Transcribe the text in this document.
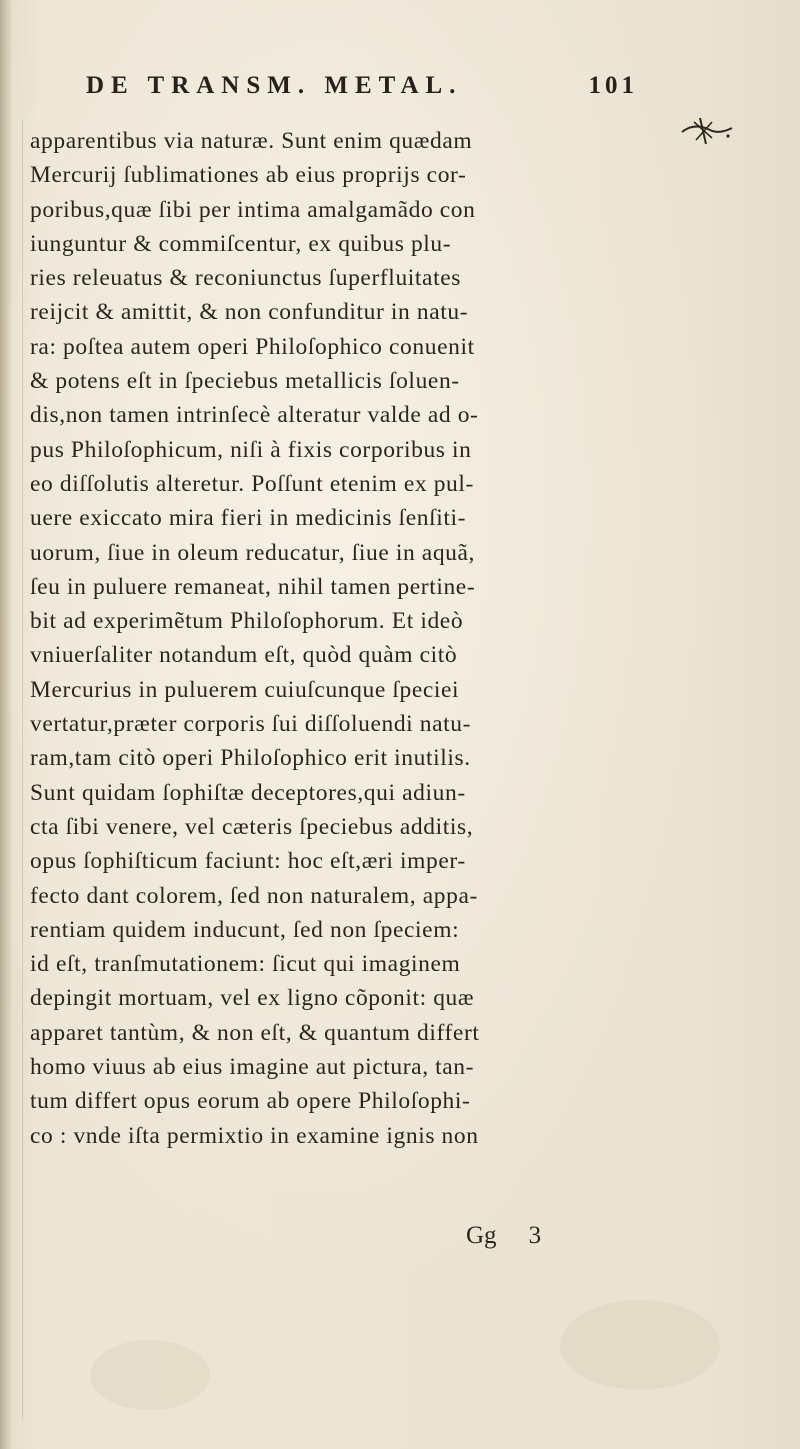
DE TRANSM. METAL.	101
apparentibus via naturæ. Sunt enim quædam
Mercurij ſublimationes ab eius proprijs cor-
poribus,quæ ſibi per intima amalgamãdo con
iunguntur & commiſcentur, ex quibus plu-
ries releuatus & reconiunctus ſuperfluitates
reijcit & amittit, & non confunditur in natu-
ra: poſtea autem operi Philoſophico conuenit
& potens eſt in ſpeciebus metallicis ſoluen-
dis,non tamen intrinſecè alteratur valde ad o-
pus Philoſophicum, niſi à fixis corporibus in
eo diſſolutis alteretur. Poſſunt etenim ex pul-
uere exiccato mira fieri in medicinis ſenſiti-
uorum, ſiue in oleum reducatur, ſiue in aquã,
ſeu in puluere remaneat, nihil tamen pertine-
bit ad experimẽtum Philoſophorum. Et ideò
vniuerſaliter notandum eſt, quòd quàm citò
Mercurius in puluerem cuiuſcunque ſpeciei
vertatur,præter corporis ſui diſſoluendi natu-
ram,tam citò operi Philoſophico erit inutilis.
Sunt quidam ſophiſtæ deceptores,qui adiun-
cta ſibi venere, vel cæteris ſpeciebus additis,
opus ſophiſticum faciunt: hoc eſt,æri imper-
fecto dant colorem, ſed non naturalem, appa-
rentiam quidem inducunt, ſed non ſpeciem:
id eſt, tranſmutationem: ſicut qui imaginem
depingit mortuam, vel ex ligno cõponit: quæ
apparet tantùm, & non eſt, & quantum differt
homo viuus ab eius imagine aut pictura, tan-
tum differt opus eorum ab opere Philoſophi-
co : vnde iſta permixtio in examine ignis non
Gg 3
